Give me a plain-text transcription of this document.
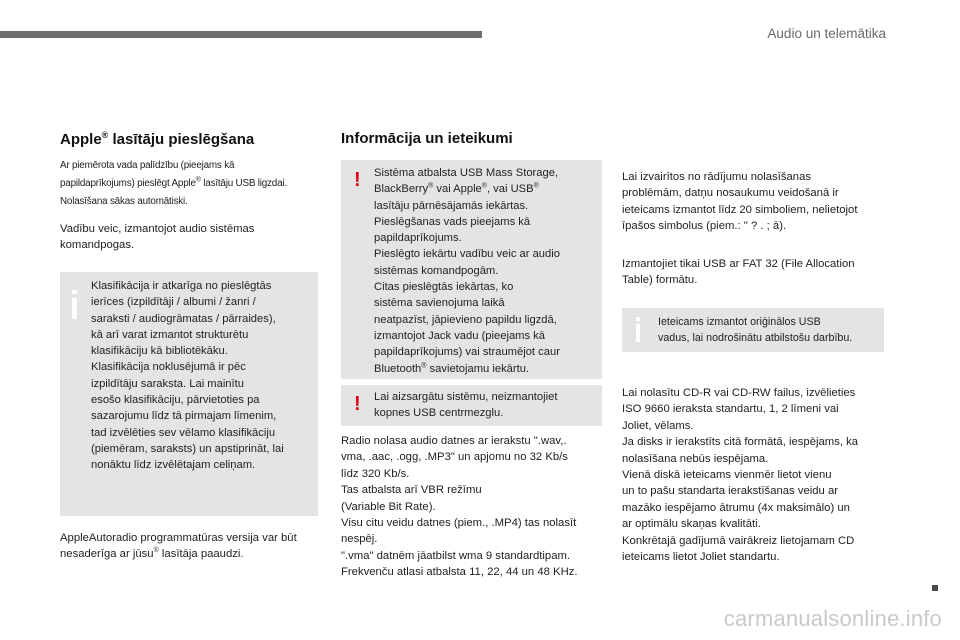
Audio un telemātika
Apple® lasītāju pieslēgšana
Ar piemērota vada palīdzību (pieejams kā
papildaprīkojums) pieslēgt Apple® lasītāju USB ligzdai.
Nolasīšana sākas automātiski.
Vadību veic, izmantojot audio sistēmas
komandpogas.
Klasifikācija ir atkarīga no pieslēgtās
ierīces (izpildītāji / albumi / žanri /
saraksti / audiogrāmatas / pārraides),
kā arī varat izmantot strukturētu
klasifikāciju kā bibliotēkāku.
Klasifikācija noklusējumā ir pēc
izpildītāju saraksta. Lai mainītu
esošo klasifikāciju, pārvietoties pa
sazarojumu līdz tā pirmajam līmenim,
tad izvēlēties sev vēlamo klasifikāciju
(piemēram, saraksts) un apstiprināt, lai
nonāktu līdz izvēlētajam celiņam.
AppleAutoradio programmatūras versija var būt
nesaderīga ar jūsu® lasītāja paaudzi.
Informācija un ieteikumi
! Sistēma atbalsta USB Mass Storage,
BlackBerry® vai Apple®, vai USB®
lasītāju pārnēsājamās iekārtas.
Pieslēgšanas vads pieejams kā
papildaprīkojums.
Pieslēgto iekārtu vadību veic ar audio
sistēmas komandpogām.
Citas pieslēgtās iekārtas, ko
sistēma savienojuma laikā
neatpazīst, jāpievieno papildu ligzdā,
izmantojot Jack vadu (pieejams kā
papildaprīkojums) vai straumējot caur
Bluetooth® savietojamu iekārtu.
! Lai aizsargātu sistēmu, neizmantojiet
kopnes USB centrmezglu.
Radio nolasa audio datnes ar ierakstu ".wav,.
vma, .aac, .ogg, .MP3" un apjomu no 32 Kb/s
līdz 320 Kb/s.
Tas atbalsta arī VBR režīmu
(Variable Bit Rate).
Visu citu veidu datnes (piem., .MP4) tas nolasīt
nespēj.
".vma" datnēm jāatbilst wma 9 standardtipam.
Frekvenču atlasi atbalsta 11, 22, 44 un 48 KHz.
Lai izvairītos no rādījumu nolasīšanas
problēmām, datņu nosaukumu veidošanā ir
ieteicams izmantot līdz 20 simboliem, nelietojot
īpašos simbolus (piem.: " ? . ; ā).
Izmantojiet tikai USB ar FAT 32 (File Allocation
Table) formātu.
Ieteicams izmantot oriģinālos USB
vadus, lai nodrošinātu atbilstošu darbību.
Lai nolasītu CD-R vai CD-RW failus, izvēlieties
ISO 9660 ieraksta standartu, 1, 2 līmeni vai
Joliet, vēlams.
Ja disks ir ierakstīts citā formātā, iespējams, ka
nolasīšana nebūs iespējama.
Vienā diskā ieteicams vienmēr lietot vienu
un to pašu standarta ierakstīšanas veidu ar
mazāko iespējamo ātrumu (4x maksimālo) un
ar optimālu skaņas kvalitāti.
Konkrētajā gadījumā vairākreiz lietojamam CD
ieteicams lietot Joliet standartu.
carmanualsonline.info
